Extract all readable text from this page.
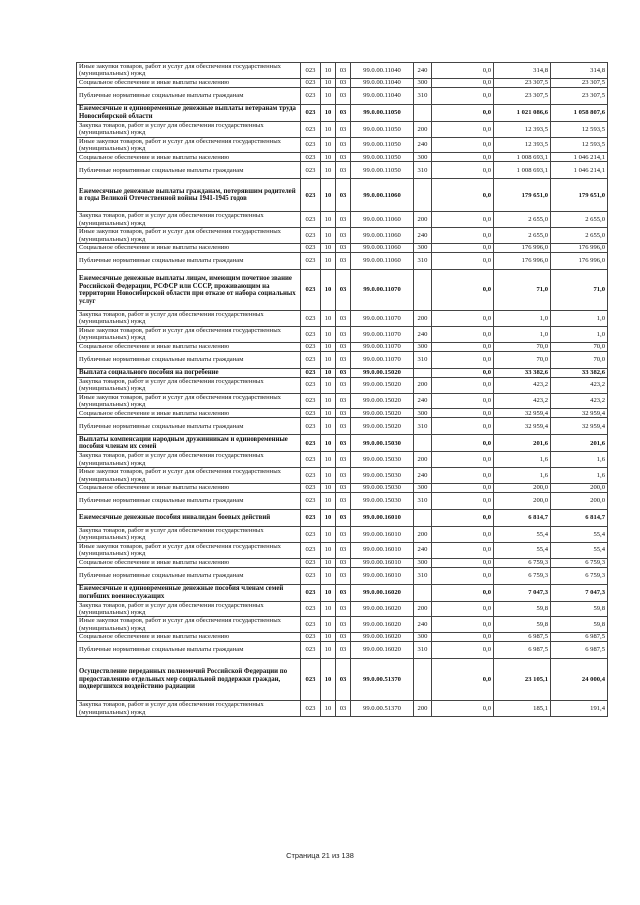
Иные закупки товаров, работ и услуг для обеспечения государственных (муниципальных) нужд	023	10	03	99.0.00.11040	240	0,0	314,8	314,8
Социальное обеспечение и иные выплаты населению	023	10	03	99.0.00.11040	300	0,0	23 307,5	23 307,5
Публичные нормативные социальные выплаты гражданам	023	10	03	99.0.00.11040	310	0,0	23 307,5	23 307,5
Ежемесячные и единовременные денежные выплаты ветеранам труда Новосибирской области	023	10	03	99.0.00.11050		0,0	1 021 086,6	1 058 807,6
Закупка товаров, работ и услуг для обеспечения государственных (муниципальных) нужд	023	10	03	99.0.00.11050	200	0,0	12 393,5	12 593,5
Иные закупки товаров, работ и услуг для обеспечения государственных (муниципальных) нужд	023	10	03	99.0.00.11050	240	0,0	12 393,5	12 593,5
Социальное обеспечение и иные выплаты населению	023	10	03	99.0.00.11050	300	0,0	1 008 693,1	1 046 214,1
Публичные нормативные социальные выплаты гражданам	023	10	03	99.0.00.11050	310	0,0	1 008 693,1	1 046 214,1
Ежемесячные денежные выплаты гражданам, потерявшим родителей в годы Великой Отечественной войны 1941-1945 годов	023	10	03	99.0.00.11060		0,0	179 651,0	179 651,0
Закупка товаров, работ и услуг для обеспечения государственных (муниципальных) нужд	023	10	03	99.0.00.11060	200	0,0	2 655,0	2 655,0
Иные закупки товаров, работ и услуг для обеспечения государственных (муниципальных) нужд	023	10	03	99.0.00.11060	240	0,0	2 655,0	2 655,0
Социальное обеспечение и иные выплаты населению	023	10	03	99.0.00.11060	300	0,0	176 996,0	176 996,0
Публичные нормативные социальные выплаты гражданам	023	10	03	99.0.00.11060	310	0,0	176 996,0	176 996,0
Ежемесячные денежные выплаты лицам, имеющим почетное звание Российской Федерации, РСФСР или СССР, проживающим на территории Новосибирской области при отказе от набора социальных услуг	023	10	03	99.0.00.11070		0,0	71,0	71,0
Закупка товаров, работ и услуг для обеспечения государственных (муниципальных) нужд	023	10	03	99.0.00.11070	200	0,0	1,0	1,0
Иные закупки товаров, работ и услуг для обеспечения государственных (муниципальных) нужд	023	10	03	99.0.00.11070	240	0,0	1,0	1,0
Социальное обеспечение и иные выплаты населению	023	10	03	99.0.00.11070	300	0,0	70,0	70,0
Публичные нормативные социальные выплаты гражданам	023	10	03	99.0.00.11070	310	0,0	70,0	70,0
Выплата социального пособия на погребение	023	10	03	99.0.00.15020		0,0	33 382,6	33 382,6
Закупка товаров, работ и услуг для обеспечения государственных (муниципальных) нужд	023	10	03	99.0.00.15020	200	0,0	423,2	423,2
Иные закупки товаров, работ и услуг для обеспечения государственных (муниципальных) нужд	023	10	03	99.0.00.15020	240	0,0	423,2	423,2
Социальное обеспечение и иные выплаты населению	023	10	03	99.0.00.15020	300	0,0	32 959,4	32 959,4
Публичные нормативные социальные выплаты гражданам	023	10	03	99.0.00.15020	310	0,0	32 959,4	32 959,4
Выплаты компенсации народным дружинникам и единовременные пособия членам их семей	023	10	03	99.0.00.15030		0,0	201,6	201,6
Закупка товаров, работ и услуг для обеспечения государственных (муниципальных) нужд	023	10	03	99.0.00.15030	200	0,0	1,6	1,6
Иные закупки товаров, работ и услуг для обеспечения государственных (муниципальных) нужд	023	10	03	99.0.00.15030	240	0,0	1,6	1,6
Социальное обеспечение и иные выплаты населению	023	10	03	99.0.00.15030	300	0,0	200,0	200,0
Публичные нормативные социальные выплаты гражданам	023	10	03	99.0.00.15030	310	0,0	200,0	200,0
Ежемесячные денежные пособия инвалидам боевых действий	023	10	03	99.0.00.16010		0,0	6 814,7	6 814,7
Закупка товаров, работ и услуг для обеспечения государственных (муниципальных) нужд	023	10	03	99.0.00.16010	200	0,0	55,4	55,4
Иные закупки товаров, работ и услуг для обеспечения государственных (муниципальных) нужд	023	10	03	99.0.00.16010	240	0,0	55,4	55,4
Социальное обеспечение и иные выплаты населению	023	10	03	99.0.00.16010	300	0,0	6 759,3	6 759,3
Публичные нормативные социальные выплаты гражданам	023	10	03	99.0.00.16010	310	0,0	6 759,3	6 759,3
Ежемесячные и единовременные денежные пособия членам семей погибших военнослужащих	023	10	03	99.0.00.16020		0,0	7 047,3	7 047,3
Закупка товаров, работ и услуг для обеспечения государственных (муниципальных) нужд	023	10	03	99.0.00.16020	200	0,0	59,8	59,8
Иные закупки товаров, работ и услуг для обеспечения государственных (муниципальных) нужд	023	10	03	99.0.00.16020	240	0,0	59,8	59,8
Социальное обеспечение и иные выплаты населению	023	10	03	99.0.00.16020	300	0,0	6 987,5	6 987,5
Публичные нормативные социальные выплаты гражданам	023	10	03	99.0.00.16020	310	0,0	6 987,5	6 987,5
Осуществление переданных полномочий Российской Федерации по предоставлению отдельных мер социальной поддержки граждан, подвергшихся воздействию радиации	023	10	03	99.0.00.51370		0,0	23 105,1	24 000,4
Закупка товаров, работ и услуг для обеспечения государственных (муниципальных) нужд	023	10	03	99.0.00.51370	200	0,0	185,1	191,4
Страница 21 из 138
